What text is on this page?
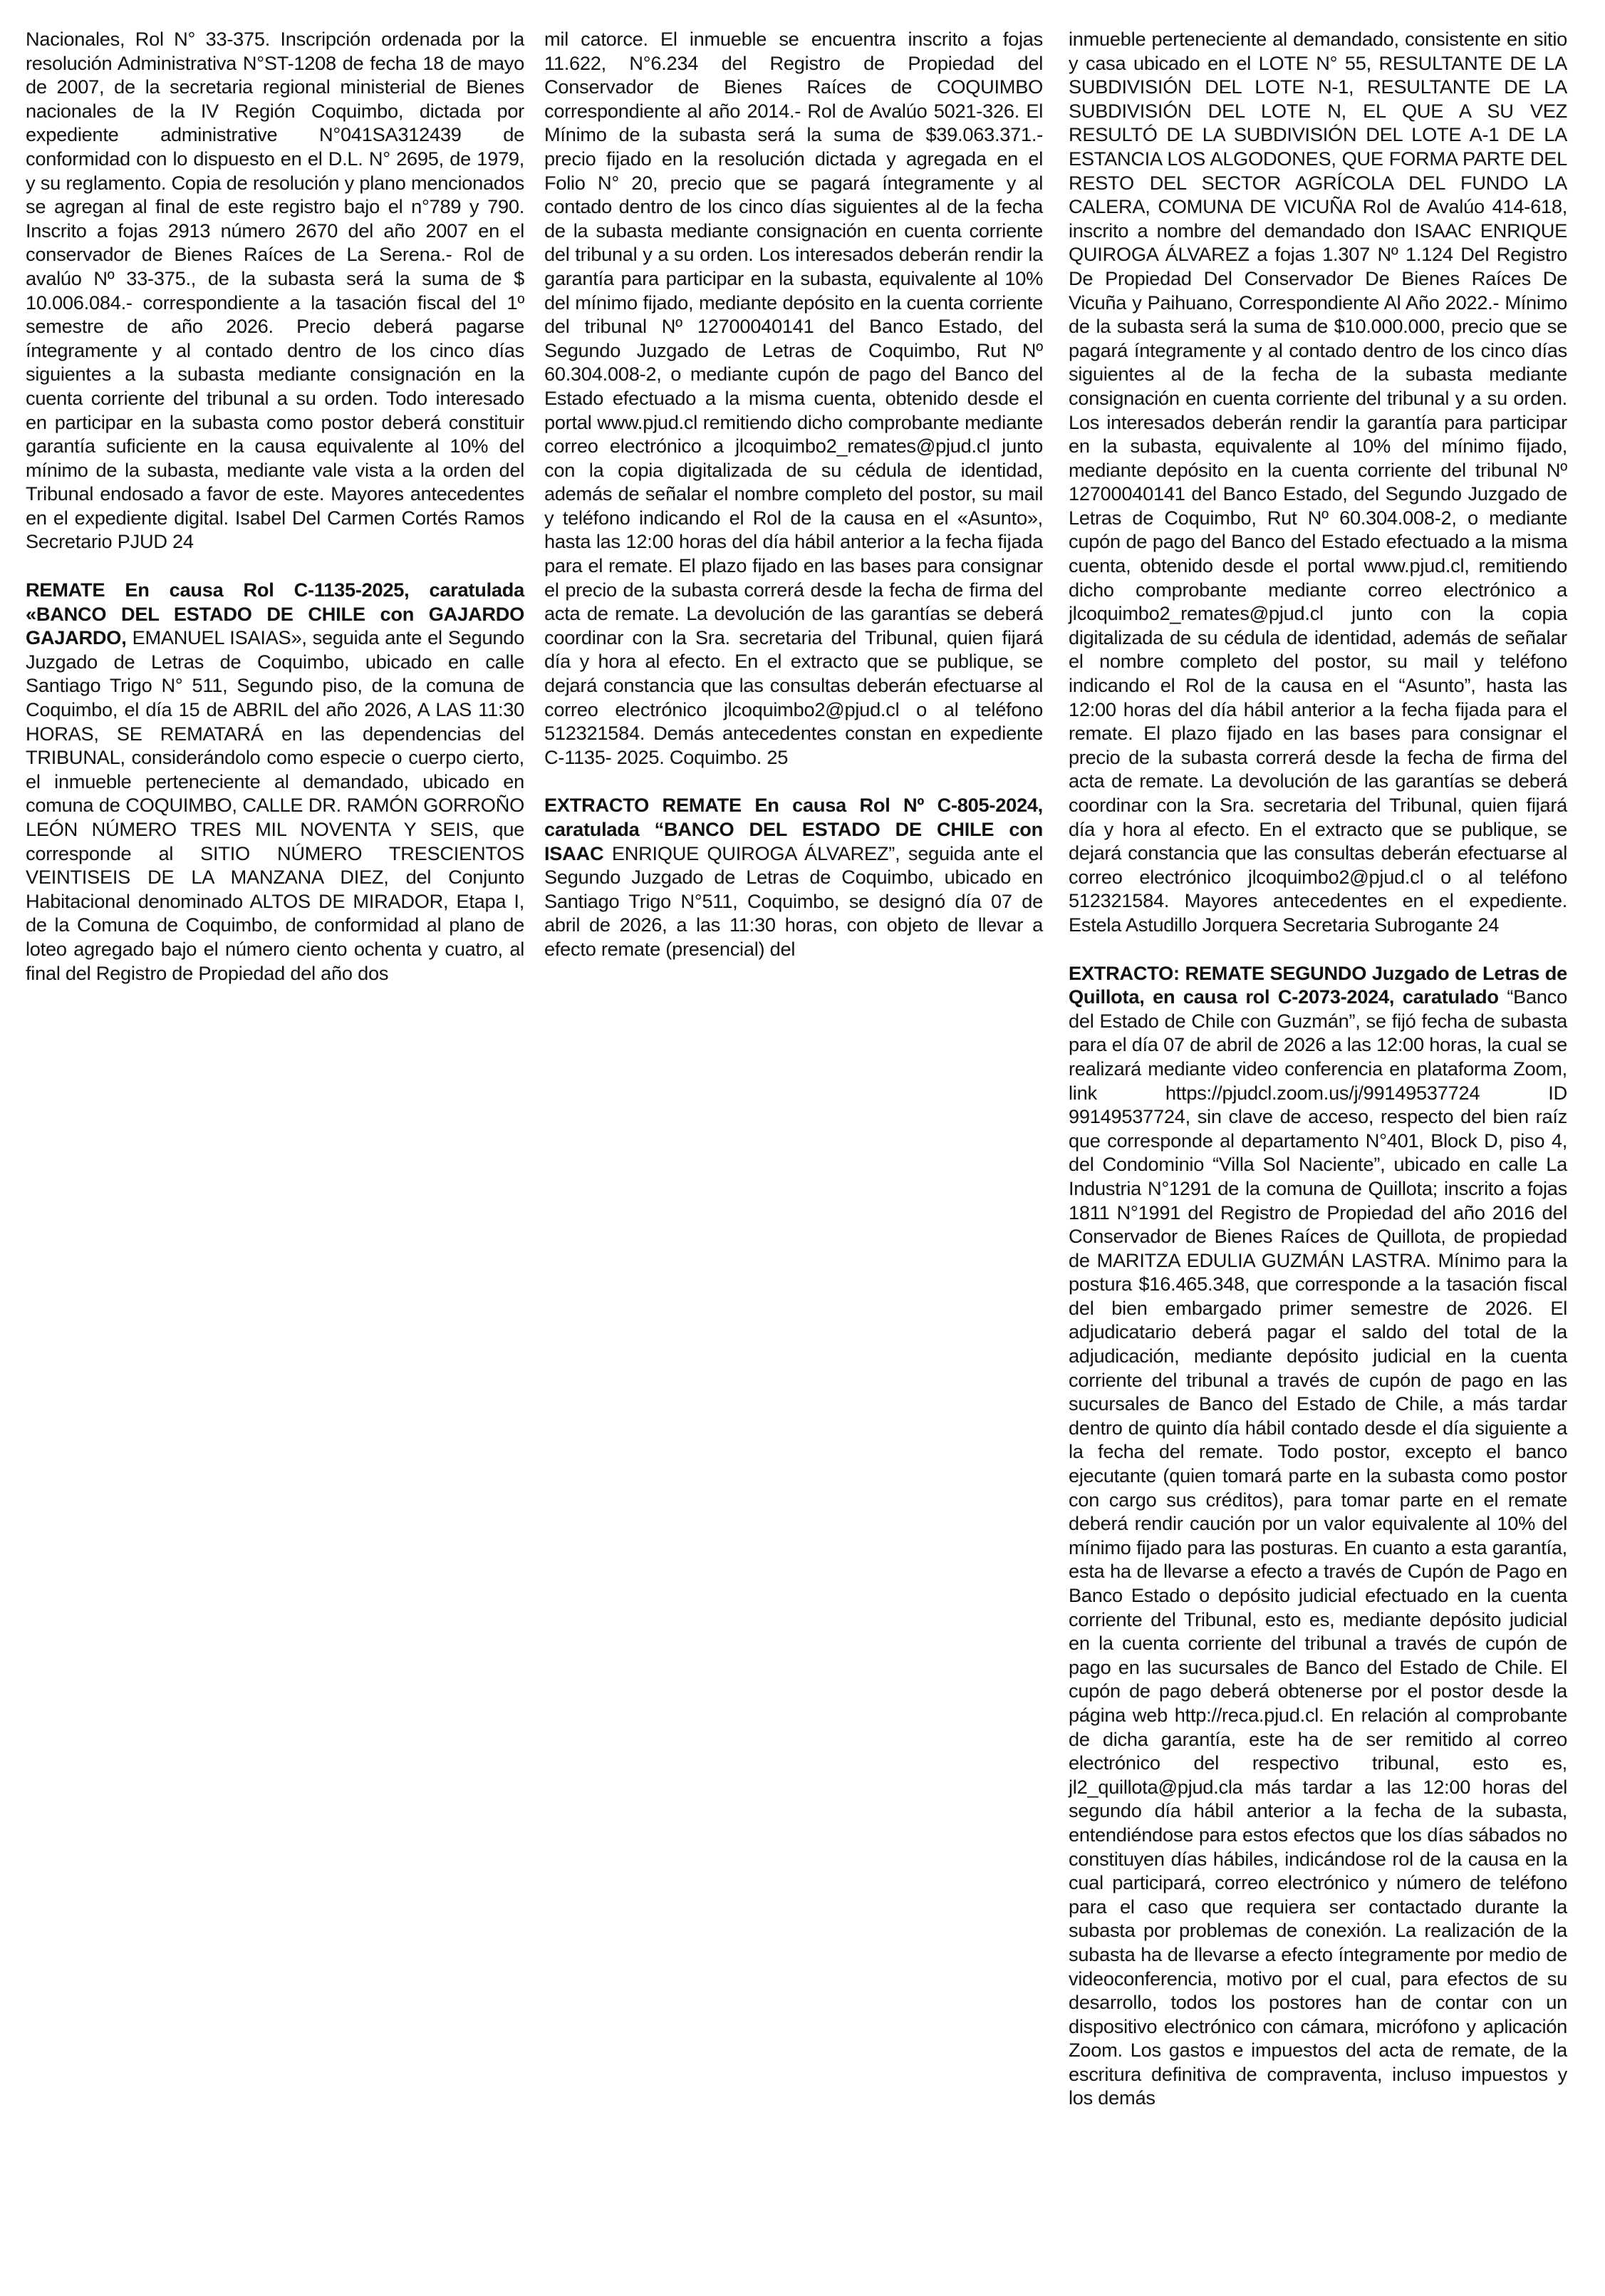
Nacionales, Rol N° 33-375. Inscripción ordenada por la resolución Administrativa N°ST-1208 de fecha 18 de mayo de 2007, de la secretaria regional ministerial de Bienes nacionales de la IV Región Coquimbo, dictada por expediente administrative N°041SA312439 de conformidad con lo dispuesto en el D.L. N° 2695, de 1979, y su reglamento. Copia de resolución y plano mencionados se agregan al final de este registro bajo el n°789 y 790. Inscrito a fojas 2913 número 2670 del año 2007 en el conservador de Bienes Raíces de La Serena.- Rol de avalúo Nº 33-375., de la subasta será la suma de $ 10.006.084.- correspondiente a la tasación fiscal del 1º semestre de año 2026. Precio deberá pagarse íntegramente y al contado dentro de los cinco días siguientes a la subasta mediante consignación en la cuenta corriente del tribunal a su orden. Todo interesado en participar en la subasta como postor deberá constituir garantía suficiente en la causa equivalente al 10% del mínimo de la subasta, mediante vale vista a la orden del Tribunal endosado a favor de este. Mayores antecedentes en el expediente digital. Isabel Del Carmen Cortés Ramos Secretario PJUD 24

REMATE En causa Rol C-1135-2025, caratulada «BANCO DEL ESTADO DE CHILE con GAJARDO GAJARDO, EMANUEL ISAIAS», seguida ante el Segundo Juzgado de Letras de Coquimbo, ubicado en calle Santiago Trigo N° 511, Segundo piso, de la comuna de Coquimbo, el día 15 de ABRIL del año 2026, A LAS 11:30 HORAS, SE REMATARÁ en las dependencias del TRIBUNAL, considerándolo como especie o cuerpo cierto, el inmueble perteneciente al demandado, ubicado en comuna de COQUIMBO, CALLE DR. RAMÓN GORROÑO LEÓN NÚMERO TRES MIL NOVENTA Y SEIS, que corresponde al SITIO NÚMERO TRESCIENTOS VEINTISEIS DE LA MANZANA DIEZ, del Conjunto Habitacional denominado ALTOS DE MIRADOR, Etapa I, de la Comuna de Coquimbo, de conformidad al plano de loteo agregado bajo el número ciento ochenta y cuatro, al final del Registro de Propiedad del año dos

mil catorce. El inmueble se encuentra inscrito a fojas 11.622, N°6.234 del Registro de Propiedad del Conservador de Bienes Raíces de COQUIMBO correspondiente al año 2014.- Rol de Avalúo 5021-326. El Mínimo de la subasta será la suma de $39.063.371.- precio fijado en la resolución dictada y agregada en el Folio N° 20, precio que se pagará íntegramente y al contado dentro de los cinco días siguientes al de la fecha de la subasta mediante consignación en cuenta corriente del tribunal y a su orden. Los interesados deberán rendir la garantía para participar en la subasta, equivalente al 10% del mínimo fijado, mediante depósito en la cuenta corriente del tribunal Nº 12700040141 del Banco Estado, del Segundo Juzgado de Letras de Coquimbo, Rut Nº 60.304.008-2, o mediante cupón de pago del Banco del Estado efectuado a la misma cuenta, obtenido desde el portal www.pjud.cl remitiendo dicho comprobante mediante correo electrónico a jlcoquimbo2_remates@pjud.cl junto con la copia digitalizada de su cédula de identidad, además de señalar el nombre completo del postor, su mail y teléfono indicando el Rol de la causa en el «Asunto», hasta las 12:00 horas del día hábil anterior a la fecha fijada para el remate. El plazo fijado en las bases para consignar el precio de la subasta correrá desde la fecha de firma del acta de remate. La devolución de las garantías se deberá coordinar con la Sra. secretaria del Tribunal, quien fijará día y hora al efecto. En el extracto que se publique, se dejará constancia que las consultas deberán efectuarse al correo electrónico jlcoquimbo2@pjud.cl o al teléfono 512321584. Demás antecedentes constan en expediente C-1135- 2025. Coquimbo. 25

EXTRACTO REMATE En causa Rol Nº C-805-2024, caratulada “BANCO DEL ESTADO DE CHILE con ISAAC ENRIQUE QUIROGA ÁLVAREZ”, seguida ante el Segundo Juzgado de Letras de Coquimbo, ubicado en Santiago Trigo N°511, Coquimbo, se designó día 07 de abril de 2026, a las 11:30 horas, con objeto de llevar a efecto remate (presencial) del

inmueble perteneciente al demandado, consistente en sitio y casa ubicado en el LOTE N° 55, RESULTANTE DE LA SUBDIVISIÓN DEL LOTE N-1, RESULTANTE DE LA SUBDIVISIÓN DEL LOTE N, EL QUE A SU VEZ RESULTÓ DE LA SUBDIVISIÓN DEL LOTE A-1 DE LA ESTANCIA LOS ALGODONES, QUE FORMA PARTE DEL RESTO DEL SECTOR AGRÍCOLA DEL FUNDO LA CALERA, COMUNA DE VICUÑA Rol de Avalúo 414-618, inscrito a nombre del demandado don ISAAC ENRIQUE QUIROGA ÁLVAREZ a fojas 1.307 Nº 1.124 Del Registro De Propiedad Del Conservador De Bienes Raíces De Vicuña y Paihuano, Correspondiente Al Año 2022.- Mínimo de la subasta será la suma de $10.000.000, precio que se pagará íntegramente y al contado dentro de los cinco días siguientes al de la fecha de la subasta mediante consignación en cuenta corriente del tribunal y a su orden. Los interesados deberán rendir la garantía para participar en la subasta, equivalente al 10% del mínimo fijado, mediante depósito en la cuenta corriente del tribunal Nº 12700040141 del Banco Estado, del Segundo Juzgado de Letras de Coquimbo, Rut Nº 60.304.008-2, o mediante cupón de pago del Banco del Estado efectuado a la misma cuenta, obtenido desde el portal www.pjud.cl, remitiendo dicho comprobante mediante correo electrónico a jlcoquimbo2_remates@pjud.cl junto con la copia digitalizada de su cédula de identidad, además de señalar el nombre completo del postor, su mail y teléfono indicando el Rol de la causa en el “Asunto”, hasta las 12:00 horas del día hábil anterior a la fecha fijada para el remate. El plazo fijado en las bases para consignar el precio de la subasta correrá desde la fecha de firma del acta de remate. La devolución de las garantías se deberá coordinar con la Sra. secretaria del Tribunal, quien fijará día y hora al efecto. En el extracto que se publique, se dejará constancia que las consultas deberán efectuarse al correo electrónico jlcoquimbo2@pjud.cl o al teléfono 512321584. Mayores antecedentes en el expediente. Estela Astudillo Jorquera Secretaria Subrogante 24

EXTRACTO: REMATE SEGUNDO Juzgado de Letras de Quillota, en causa rol C-2073-2024, caratulado “Banco del Estado de Chile con Guzmán”, se fijó fecha de subasta para el día 07 de abril de 2026 a las 12:00 horas, la cual se realizará mediante video conferencia en plataforma Zoom, link https://pjudcl.zoom.us/j/99149537724 ID 99149537724, sin clave de acceso, respecto del bien raíz que corresponde al departamento N°401, Block D, piso 4, del Condominio “Villa Sol Naciente”, ubicado en calle La Industria N°1291 de la comuna de Quillota; inscrito a fojas 1811 N°1991 del Registro de Propiedad del año 2016 del Conservador de Bienes Raíces de Quillota, de propiedad de MARITZA EDULIA GUZMÁN LASTRA. Mínimo para la postura $16.465.348, que corresponde a la tasación fiscal del bien embargado primer semestre de 2026. El adjudicatario deberá pagar el saldo del total de la adjudicación, mediante depósito judicial en la cuenta corriente del tribunal a través de cupón de pago en las sucursales de Banco del Estado de Chile, a más tardar dentro de quinto día hábil contado desde el día siguiente a la fecha del remate. Todo postor, excepto el banco ejecutante (quien tomará parte en la subasta como postor con cargo sus créditos), para tomar parte en el remate deberá rendir caución por un valor equivalente al 10% del mínimo fijado para las posturas. En cuanto a esta garantía, esta ha de llevarse a efecto a través de Cupón de Pago en Banco Estado o depósito judicial efectuado en la cuenta corriente del Tribunal, esto es, mediante depósito judicial en la cuenta corriente del tribunal a través de cupón de pago en las sucursales de Banco del Estado de Chile. El cupón de pago deberá obtenerse por el postor desde la página web http://reca.pjud.cl. En relación al comprobante de dicha garantía, este ha de ser remitido al correo electrónico del respectivo tribunal, esto es, jl2_quillota@pjud.cla más tardar a las 12:00 horas del segundo día hábil anterior a la fecha de la subasta, entendiéndose para estos efectos que los días sábados no constituyen días hábiles, indicándose rol de la causa en la cual participará, correo electrónico y número de teléfono para el caso que requiera ser contactado durante la subasta por problemas de conexión. La realización de la subasta ha de llevarse a efecto íntegramente por medio de videoconferencia, motivo por el cual, para efectos de su desarrollo, todos los postores han de contar con un dispositivo electrónico con cámara, micrófono y aplicación Zoom. Los gastos e impuestos del acta de remate, de la escritura definitiva de compraventa, incluso impuestos y los demás
